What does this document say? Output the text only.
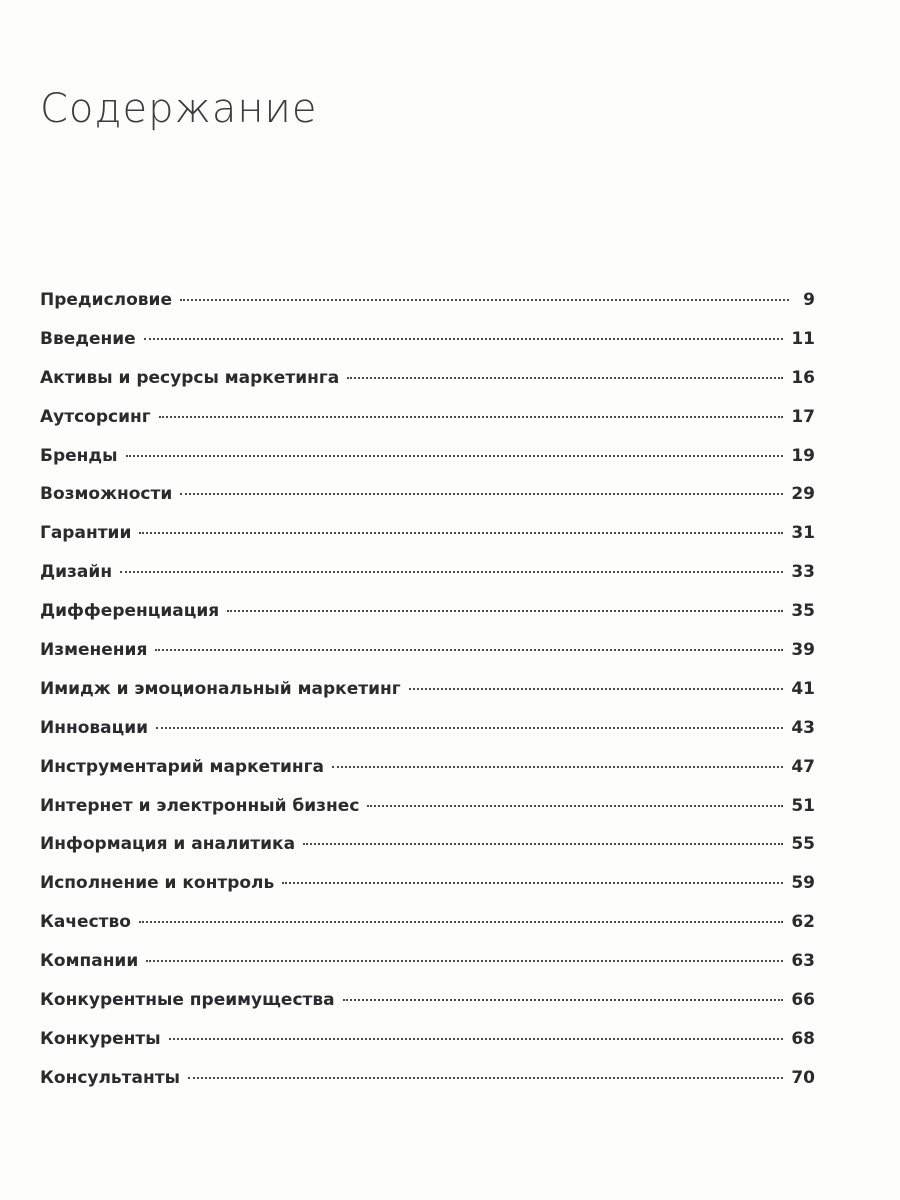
Содержание
Предисловие	9
Введение	11
Активы и ресурсы маркетинга	16
Аутсорсинг	17
Бренды	19
Возможности	29
Гарантии	31
Дизайн	33
Дифференциация	35
Изменения	39
Имидж и эмоциональный маркетинг	41
Инновации	43
Инструментарий маркетинга	47
Интернет и электронный бизнес	51
Информация и аналитика	55
Исполнение и контроль	59
Качество	62
Компании	63
Конкурентные преимущества	66
Конкуренты	68
Консультанты	70
